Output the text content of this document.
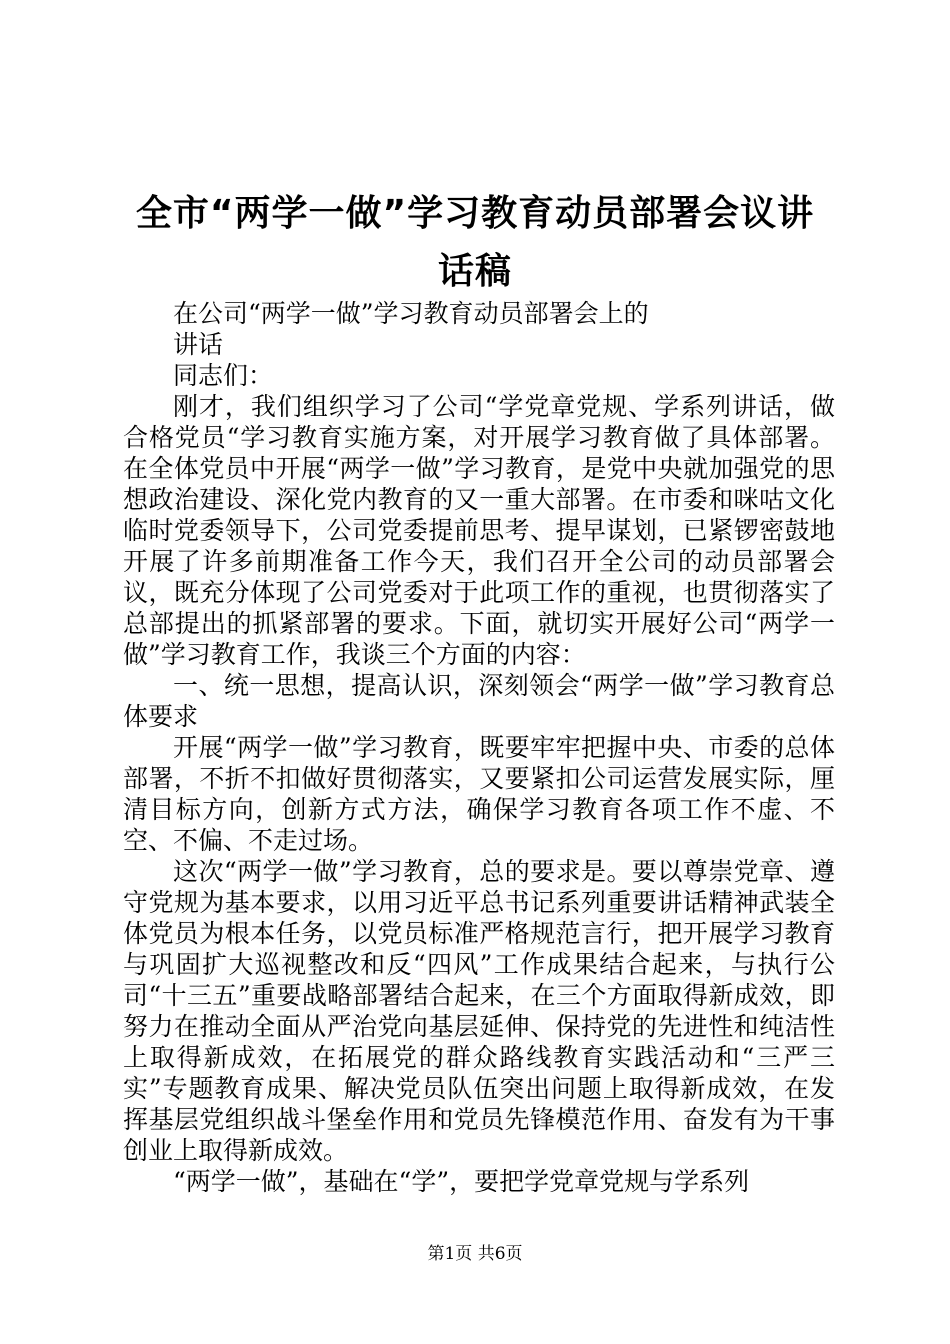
全市“两学一做”学习教育动员部署会议讲话稿

在公司“两学一做”学习教育动员部署会上的

讲话

同志们：

刚才，我们组织学习了公司“学党章党规、学系列讲话，做合格党员“学习教育实施方案，对开展学习教育做了具体部署。在全体党员中开展“两学一做”学习教育，是党中央就加强党的思想政治建设、深化党内教育的又一重大部署。在市委和咪咕文化临时党委领导下，公司党委提前思考、提早谋划，已紧锣密鼓地开展了许多前期准备工作今天，我们召开全公司的动员部署会议，既充分体现了公司党委对于此项工作的重视，也贯彻落实了总部提出的抓紧部署的要求。下面，就切实开展好公司“两学一做”学习教育工作，我谈三个方面的内容：

一、统一思想，提高认识，深刻领会“两学一做”学习教育总体要求

开展“两学一做”学习教育，既要牢牢把握中央、市委的总体部署，不折不扣做好贯彻落实，又要紧扣公司运营发展实际，厘清目标方向，创新方式方法，确保学习教育各项工作不虚、不空、不偏、不走过场。

这次“两学一做”学习教育，总的要求是。要以尊崇党章、遵守党规为基本要求，以用习近平总书记系列重要讲话精神武装全体党员为根本任务，以党员标准严格规范言行，把开展学习教育与巩固扩大巡视整改和反“四风”工作成果结合起来，与执行公司“十三五”重要战略部署结合起来，在三个方面取得新成效，即努力在推动全面从严治党向基层延伸、保持党的先进性和纯洁性上取得新成效，在拓展党的群众路线教育实践活动和“三严三实”专题教育成果、解决党员队伍突出问题上取得新成效，在发挥基层党组织战斗堡垒作用和党员先锋模范作用、奋发有为干事创业上取得新成效。

“两学一做”，基础在“学”，要把学党章党规与学系列

第1页 共6页
